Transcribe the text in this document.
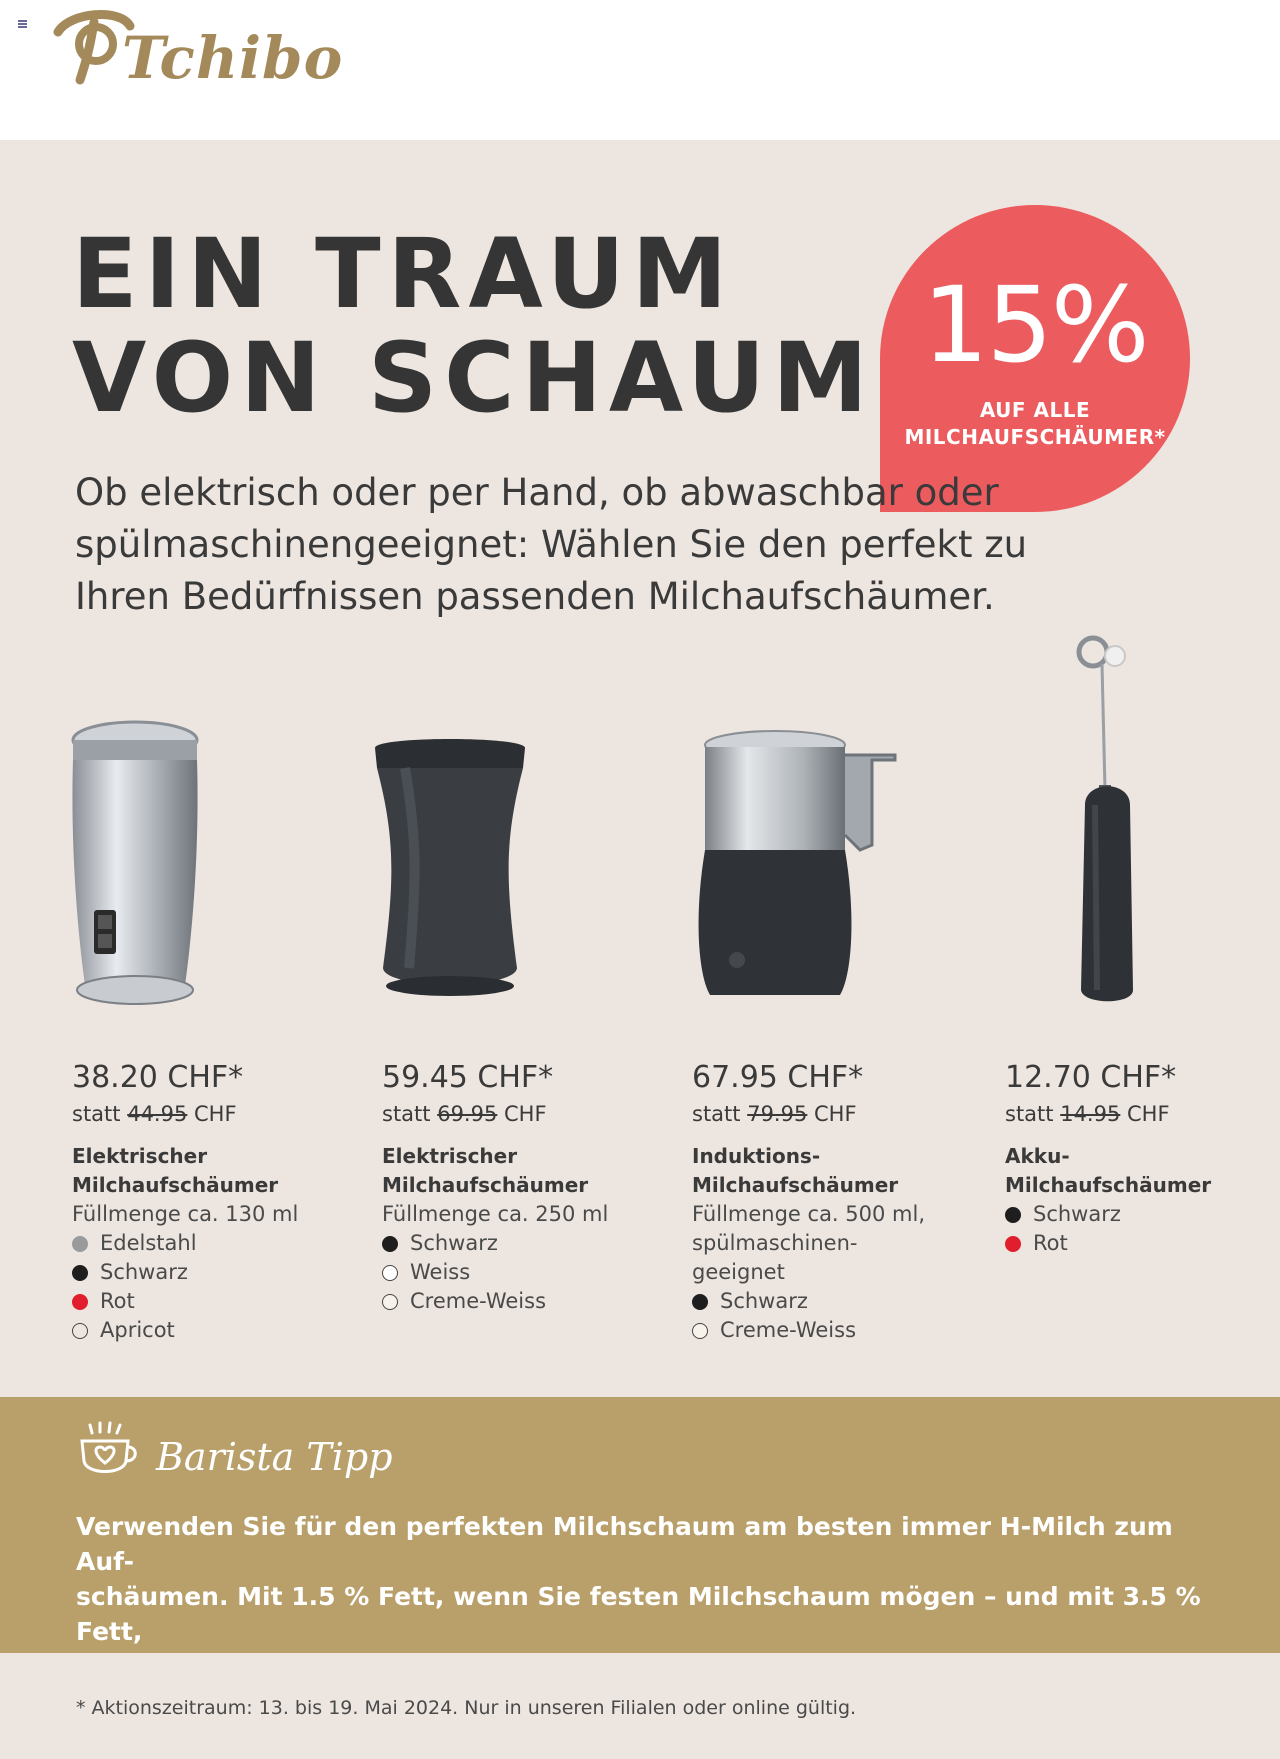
Tchibo
15%
AUF ALLE
MILCHAUFSCHÄUMER*
EIN TRAUM
VON SCHAUM

Ob elektrisch oder per Hand, ob abwaschbar oder
spülmaschinengeeignet: Wählen Sie den perfekt zu
Ihren Bedürfnissen passenden Milchaufschäumer.

38.20 CHF*
statt 44.95 CHF
Elektrischer
Milchaufschäumer
Füllmenge ca. 130 ml
Edelstahl
Schwarz
Rot
Apricot
59.45 CHF*
statt 69.95 CHF
Elektrischer
Milchaufschäumer
Füllmenge ca. 250 ml
Schwarz
Weiss
Creme-Weiss
67.95 CHF*
statt 79.95 CHF
Induktions-
Milchaufschäumer
Füllmenge ca. 500 ml,
spülmaschinen-
geeignet
Schwarz
Creme-Weiss
12.70 CHF*
statt 14.95 CHF
Akku-
Milchaufschäumer
Schwarz
Rot
Barista Tipp

Verwenden Sie für den perfekten Milchschaum am besten immer H-Milch zum Auf-
schäumen. Mit 1.5 % Fett, wenn Sie festen Milchschaum mögen – und mit 3.5 % Fett,

* Aktionszeitraum: 13. bis 19. Mai 2024. Nur in unseren Filialen oder online gültig.
